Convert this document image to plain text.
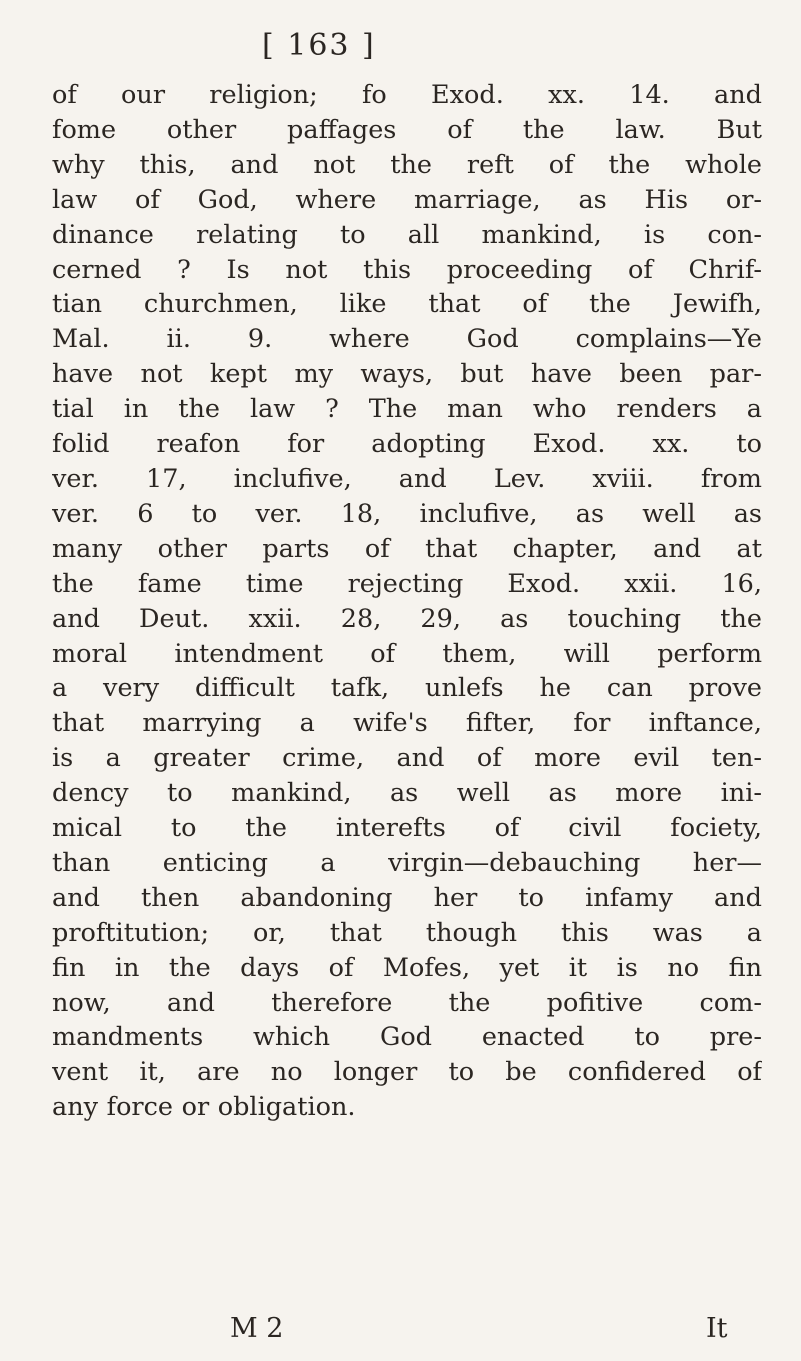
[ 163 ]
of our religion; fo Exod. xx. 14. and
fome other paffages of the law. But
why this, and not the reft of the whole
law of God, where marriage, as His or-
dinance relating to all mankind, is con-
cerned ? Is not this proceeding of Chrif-
tian churchmen, like that of the Jewifh,
Mal. ii. 9. where God complains—Ye
have not kept my ways, but have been par-
tial in the law ? The man who renders a
folid reafon for adopting Exod. xx. to
ver. 17, inclufive, and Lev. xviii. from
ver. 6 to ver. 18, inclufive, as well as
many other parts of that chapter, and at
the fame time rejecting Exod. xxii. 16,
and Deut. xxii. 28, 29, as touching the
moral intendment of them, will perform
a very difficult tafk, unlefs he can prove
that marrying a wife's fifter, for inftance,
is a greater crime, and of more evil ten-
dency to mankind, as well as more ini-
mical to the interefts of civil fociety,
than enticing a virgin—debauching her—
and then abandoning her to infamy and
proftitution; or, that though this was a
fin in the days of Mofes, yet it is no fin
now, and therefore the pofitive com-
mandments which God enacted to pre-
vent it, are no longer to be confidered of
any force or obligation.
M 2	It
